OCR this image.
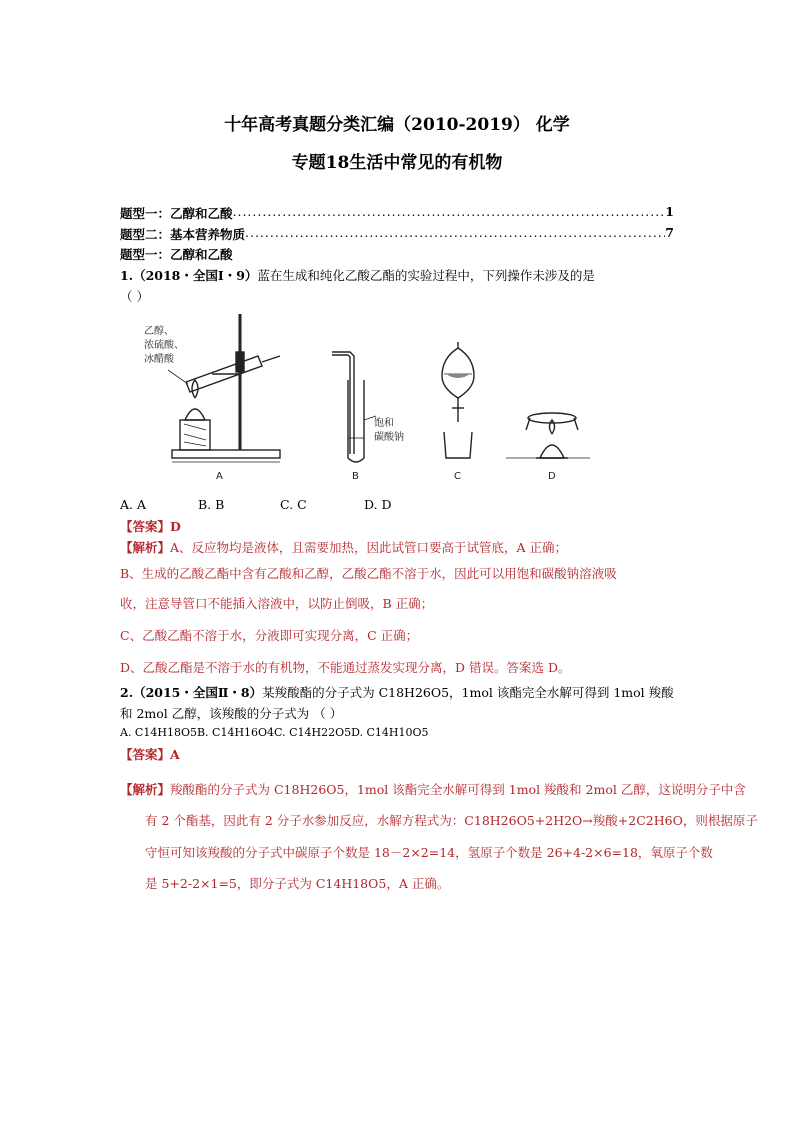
十年高考真题分类汇编（2010-2019） 化学
专题18生活中常见的有机物
题型一：乙醇和乙酸 .....	1
题型二：基本营养物质 .....	7
题型一：乙醇和乙酸
1.（2018・全国Ⅰ・9）蓝在生成和纯化乙酸乙酯的实验过程中，下列操作未涉及的是
（ ）
乙醇、
浓硫酸、
冰醋酸
饱和
碳酸钠
A	B	C	D
A. A	B. B	C. C	D. D
【答案】D
【解析】A、反应物均是液体，且需要加热，因此试管口要高于试管底，A 正确；
B、生成的乙酸乙酯中含有乙酸和乙醇，乙酸乙酯不溶于水，因此可以用饱和碳酸钠溶液吸
收，注意导管口不能插入溶液中，以防止倒吸，B 正确；
C、乙酸乙酯不溶于水，分液即可实现分离，C 正确；
D、乙酸乙酯是不溶于水的有机物，不能通过蒸发实现分离，D 错误。答案选 D。
2.（2015・全国Ⅱ・8）某羧酸酯的分子式为 C18H26O5，1mol 该酯完全水解可得到 1mol 羧酸
和 2mol 乙醇，该羧酸的分子式为 （ ）
A. C14H18O5B. C14H16O4C. C14H22O5D. C14H10O5
【答案】A
【解析】羧酸酯的分子式为 C18H26O5，1mol 该酯完全水解可得到 1mol 羧酸和 2mol 乙醇，这说明分子中含
有 2 个酯基，因此有 2 分子水参加反应，水解方程式为：C18H26O5+2H2O→羧酸+2C2H6O，则根据原子
守恒可知该羧酸的分子式中碳原子个数是 18－2×2=14，氢原子个数是 26+4-2×6=18，氧原子个数
是 5+2-2×1=5，即分子式为 C14H18O5，A 正确。
